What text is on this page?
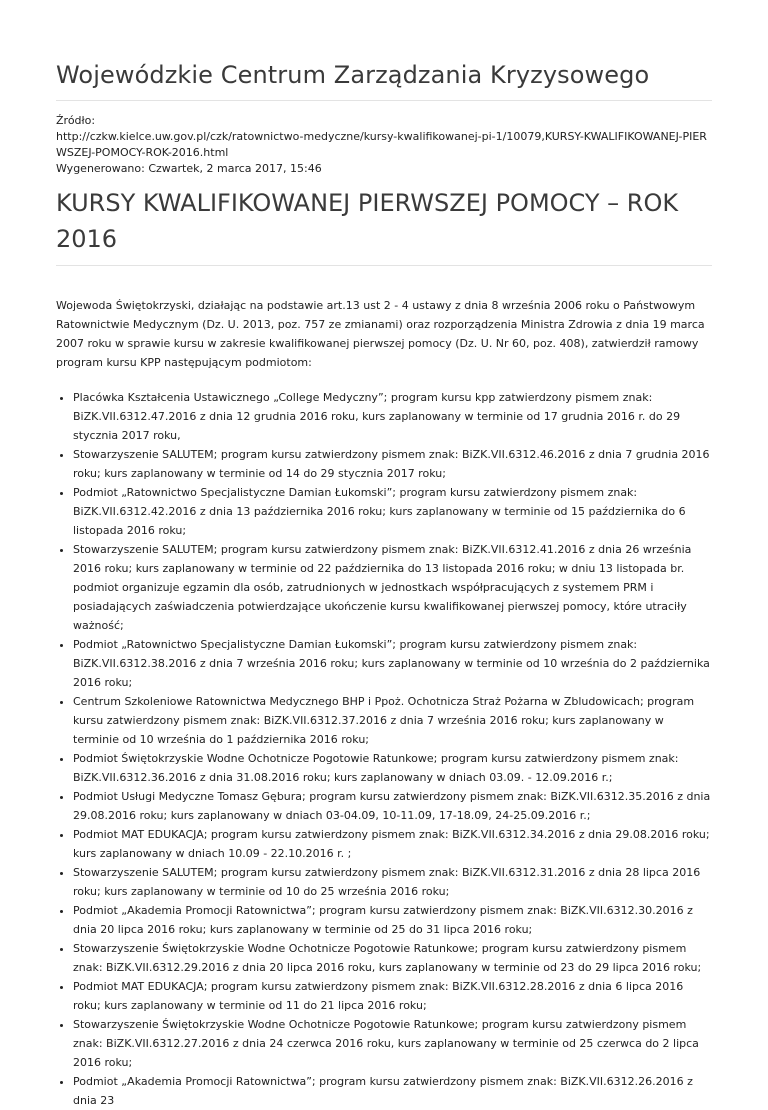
Wojewódzkie Centrum Zarządzania Kryzysowego
Źródło:
http://czkw.kielce.uw.gov.pl/czk/ratownictwo-medyczne/kursy-kwalifikowanej-pi-1/10079,KURSY-KWALIFIKOWANEJ-PIERWSZEJ-POMOCY-ROK-2016.html
Wygenerowano: Czwartek, 2 marca 2017, 15:46
KURSY KWALIFIKOWANEJ PIERWSZEJ POMOCY – ROK 2016

Wojewoda Świętokrzyski, działając na podstawie art.13 ust 2 - 4 ustawy z dnia 8 września 2006 roku o Państwowym Ratownictwie Medycznym (Dz. U. 2013, poz. 757 ze zmianami) oraz rozporządzenia Ministra Zdrowia z dnia 19 marca 2007 roku w sprawie kursu w zakresie kwalifikowanej pierwszej pomocy (Dz. U. Nr 60, poz. 408), zatwierdził ramowy program kursu KPP następującym podmiotom:

• Placówka Kształcenia Ustawicznego „College Medyczny”; program kursu kpp zatwierdzony pismem znak: BiZK.VII.6312.47.2016 z dnia 12 grudnia 2016 roku, kurs zaplanowany w terminie od 17 grudnia 2016 r. do 29 stycznia 2017 roku,
• Stowarzyszenie SALUTEM; program kursu zatwierdzony pismem znak: BiZK.VII.6312.46.2016 z dnia 7 grudnia 2016 roku; kurs zaplanowany w terminie od 14 do 29 stycznia 2017 roku;
• Podmiot „Ratownictwo Specjalistyczne Damian Łukomski”; program kursu zatwierdzony pismem znak: BiZK.VII.6312.42.2016 z dnia 13 października 2016 roku; kurs zaplanowany w terminie od 15 października do 6 listopada 2016 roku;
• Stowarzyszenie SALUTEM; program kursu zatwierdzony pismem znak: BiZK.VII.6312.41.2016 z dnia 26 września 2016 roku; kurs zaplanowany w terminie od 22 października do 13 listopada 2016 roku; w dniu 13 listopada br. podmiot organizuje egzamin dla osób, zatrudnionych w jednostkach współpracujących z systemem PRM i posiadających zaświadczenia potwierdzające ukończenie kursu kwalifikowanej pierwszej pomocy, które utraciły ważność;
• Podmiot „Ratownictwo Specjalistyczne Damian Łukomski”; program kursu zatwierdzony pismem znak: BiZK.VII.6312.38.2016 z dnia 7 września 2016 roku; kurs zaplanowany w terminie od 10 września do 2 października 2016 roku;
• Centrum Szkoleniowe Ratownictwa Medycznego BHP i Ppoż. Ochotnicza Straż Pożarna w Zbludowicach; program kursu zatwierdzony pismem znak: BiZK.VII.6312.37.2016 z dnia 7 września 2016 roku; kurs zaplanowany w terminie od 10 września do 1 października 2016 roku;
• Podmiot Świętokrzyskie Wodne Ochotnicze Pogotowie Ratunkowe; program kursu zatwierdzony pismem znak: BiZK.VII.6312.36.2016 z dnia 31.08.2016 roku; kurs zaplanowany w dniach 03.09. - 12.09.2016 r.;
• Podmiot Usługi Medyczne Tomasz Gębura; program kursu zatwierdzony pismem znak: BiZK.VII.6312.35.2016 z dnia 29.08.2016 roku; kurs zaplanowany w dniach 03-04.09, 10-11.09, 17-18.09, 24-25.09.2016 r.;
• Podmiot MAT EDUKACJA; program kursu zatwierdzony pismem znak: BiZK.VII.6312.34.2016 z dnia 29.08.2016 roku; kurs zaplanowany w dniach 10.09 - 22.10.2016 r. ;
• Stowarzyszenie SALUTEM; program kursu zatwierdzony pismem znak: BiZK.VII.6312.31.2016 z dnia 28 lipca 2016 roku; kurs zaplanowany w terminie od 10 do 25 września 2016 roku;
• Podmiot „Akademia Promocji Ratownictwa”; program kursu zatwierdzony pismem znak: BiZK.VII.6312.30.2016 z dnia 20 lipca 2016 roku; kurs zaplanowany w terminie od 25 do 31 lipca 2016 roku;
• Stowarzyszenie Świętokrzyskie Wodne Ochotnicze Pogotowie Ratunkowe; program kursu zatwierdzony pismem znak: BiZK.VII.6312.29.2016 z dnia 20 lipca 2016 roku, kurs zaplanowany w terminie od 23 do 29 lipca 2016 roku;
• Podmiot MAT EDUKACJA; program kursu zatwierdzony pismem znak: BiZK.VII.6312.28.2016 z dnia 6 lipca 2016 roku; kurs zaplanowany w terminie od 11 do 21 lipca 2016 roku;
• Stowarzyszenie Świętokrzyskie Wodne Ochotnicze Pogotowie Ratunkowe; program kursu zatwierdzony pismem znak: BiZK.VII.6312.27.2016 z dnia 24 czerwca 2016 roku, kurs zaplanowany w terminie od 25 czerwca do 2 lipca 2016 roku;
• Podmiot „Akademia Promocji Ratownictwa”; program kursu zatwierdzony pismem znak: BiZK.VII.6312.26.2016 z dnia 23
